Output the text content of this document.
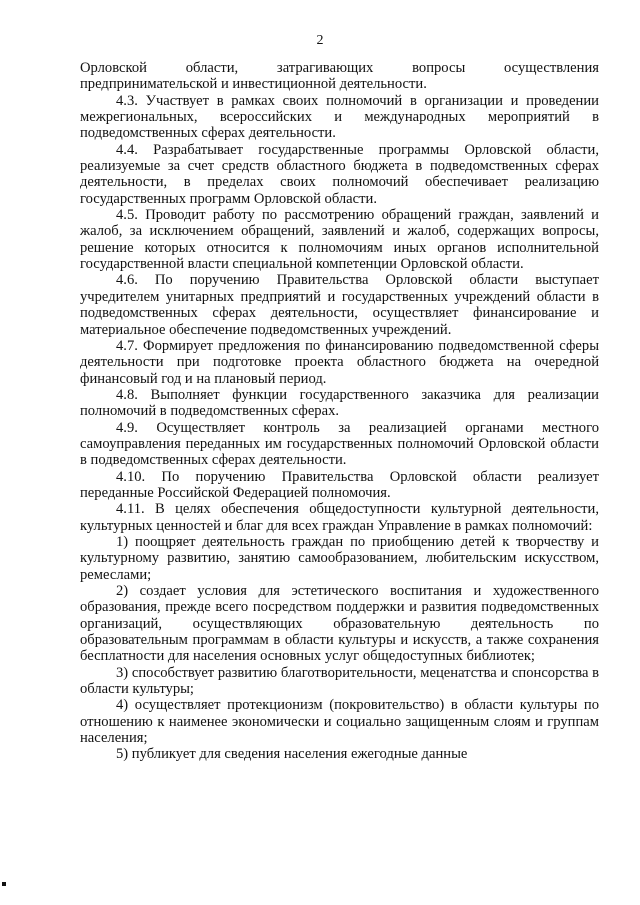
2

Орловской области, затрагивающих вопросы осуществления предпринимательской и инвестиционной деятельности.

4.3. Участвует в рамках своих полномочий в организации и проведении межрегиональных, всероссийских и международных мероприятий в подведомственных сферах деятельности.

4.4. Разрабатывает государственные программы Орловской области, реализуемые за счет средств областного бюджета в подведомственных сферах деятельности, в пределах своих полномочий обеспечивает реализацию государственных программ Орловской области.

4.5. Проводит работу по рассмотрению обращений граждан, заявлений и жалоб, за исключением обращений, заявлений и жалоб, содержащих вопросы, решение которых относится к полномочиям иных органов исполнительной государственной власти специальной компетенции Орловской области.

4.6. По поручению Правительства Орловской области выступает учредителем унитарных предприятий и государственных учреждений области в подведомственных сферах деятельности, осуществляет финансирование и материальное обеспечение подведомственных учреждений.

4.7. Формирует предложения по финансированию подведомственной сферы деятельности при подготовке проекта областного бюджета на очередной финансовый год и на плановый период.

4.8. Выполняет функции государственного заказчика для реализации полномочий в подведомственных сферах.

4.9. Осуществляет контроль за реализацией органами местного самоуправления переданных им государственных полномочий Орловской области в подведомственных сферах деятельности.

4.10. По поручению Правительства Орловской области реализует переданные Российской Федерацией полномочия.

4.11. В целях обеспечения общедоступности культурной деятельности, культурных ценностей и благ для всех граждан Управление в рамках полномочий:

1) поощряет деятельность граждан по приобщению детей к творчеству и культурному развитию, занятию самообразованием, любительским искусством, ремеслами;

2) создает условия для эстетического воспитания и художественного образования, прежде всего посредством поддержки и развития подведомственных организаций, осуществляющих образовательную деятельность по образовательным программам в области культуры и искусств, а также сохранения бесплатности для населения основных услуг общедоступных библиотек;

3) способствует развитию благотворительности, меценатства и спонсорства в области культуры;

4) осуществляет протекционизм (покровительство) в области культуры по отношению к наименее экономически и социально защищенным слоям и группам населения;

5) публикует для сведения населения ежегодные данные
